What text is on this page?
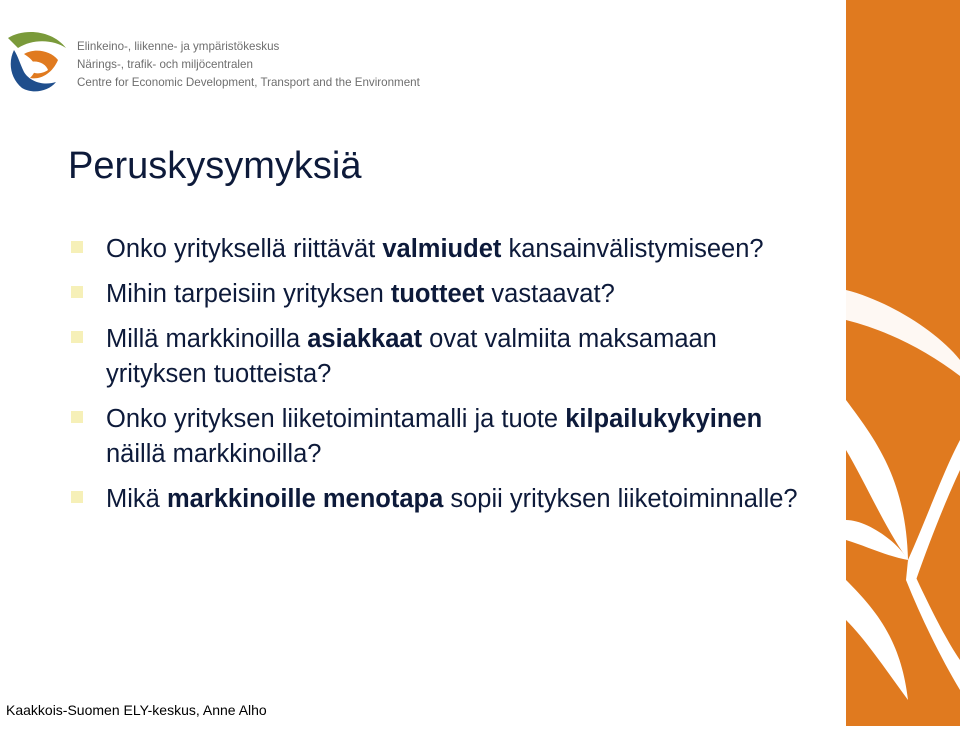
Elinkeino-, liikenne- ja ympäristökeskus
Närings-, trafik- och miljöcentralen
Centre for Economic Development, Transport and the Environment
Peruskysymyksiä
Onko yrityksellä riittävät valmiudet kansainvälistymiseen?
Mihin tarpeisiin yrityksen tuotteet vastaavat?
Millä markkinoilla asiakkaat ovat valmiita maksamaan yrityksen tuotteista?
Onko yrityksen liiketoimintamalli ja tuote kilpailukykyinen näillä markkinoilla?
Mikä markkinoille menotapa sopii yrityksen liiketoiminnalle?
Kaakkois-Suomen ELY-keskus, Anne Alho
